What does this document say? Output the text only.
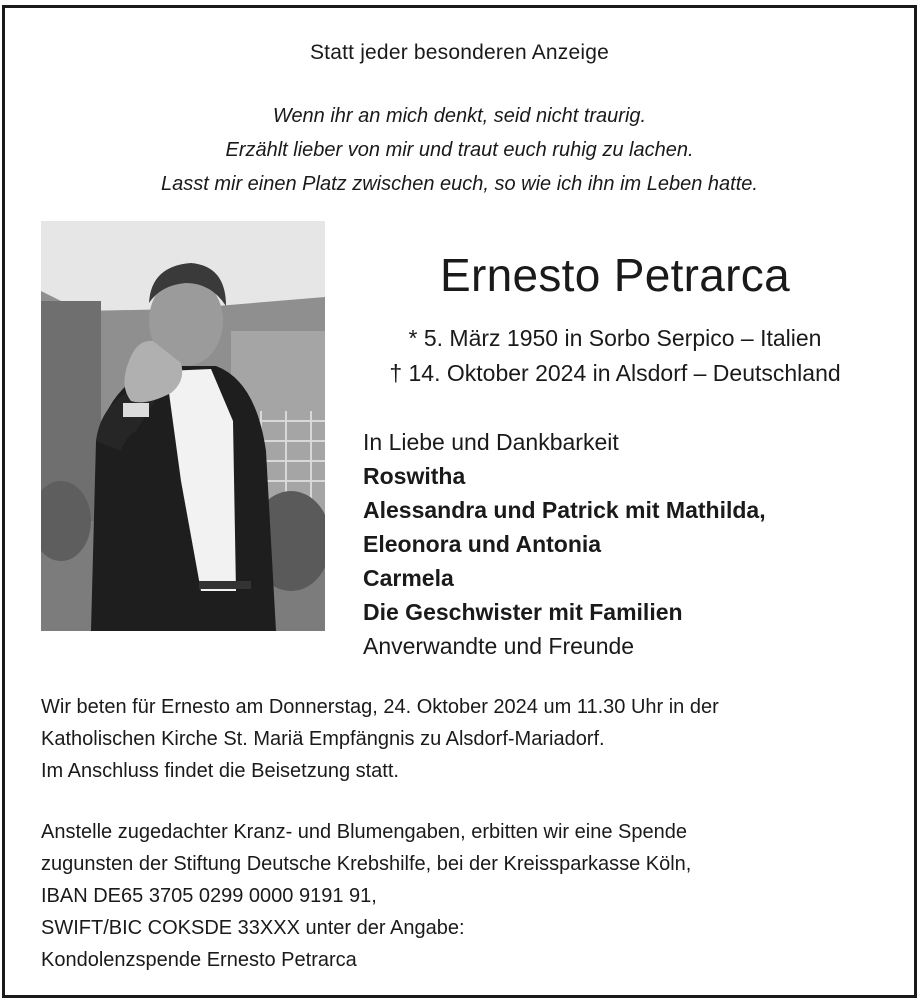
Statt jeder besonderen Anzeige
Wenn ihr an mich denkt, seid nicht traurig.
Erzählt lieber von mir und traut euch ruhig zu lachen.
Lasst mir einen Platz zwischen euch, so wie ich ihn im Leben hatte.
Ernesto Petrarca
* 5. März 1950 in Sorbo Serpico – Italien
† 14. Oktober 2024 in Alsdorf – Deutschland
In Liebe und Dankbarkeit
Roswitha
Alessandra und Patrick mit Mathilda,
Eleonora und Antonia
Carmela
Die Geschwister mit Familien
Anverwandte und Freunde
Wir beten für Ernesto am Donnerstag, 24. Oktober 2024 um 11.30 Uhr in der
Katholischen Kirche St. Mariä Empfängnis zu Alsdorf-Mariadorf.
Im Anschluss findet die Beisetzung statt.
Anstelle zugedachter Kranz- und Blumengaben, erbitten wir eine Spende
zugunsten der Stiftung Deutsche Krebshilfe, bei der Kreissparkasse Köln,
IBAN DE65 3705 0299 0000 9191 91,
SWIFT/BIC COKSDE 33XXX unter der Angabe:
Kondolenzspende Ernesto Petrarca
